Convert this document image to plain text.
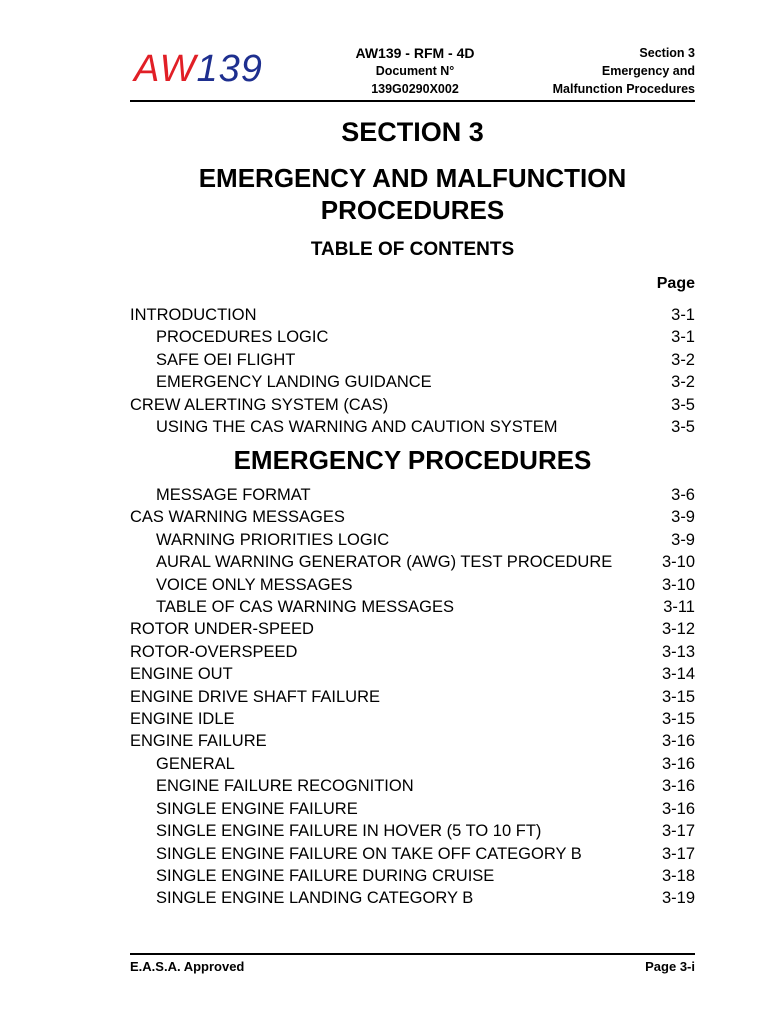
AW139	AW139 - RFM - 4D
Document N°
139G0290X002
Section 3
Emergency and
Malfunction Procedures
SECTION 3
EMERGENCY AND MALFUNCTION
PROCEDURES
TABLE OF CONTENTS
Page
INTRODUCTION	3-1
PROCEDURES LOGIC	3-1
SAFE OEI FLIGHT	3-2
EMERGENCY LANDING GUIDANCE	3-2
CREW ALERTING SYSTEM (CAS)	3-5
USING THE CAS WARNING AND CAUTION SYSTEM	3-5
EMERGENCY PROCEDURES
MESSAGE FORMAT	3-6
CAS WARNING MESSAGES	3-9
WARNING PRIORITIES LOGIC	3-9
AURAL WARNING GENERATOR (AWG) TEST PROCEDURE	3-10
VOICE ONLY MESSAGES	3-10
TABLE OF CAS WARNING MESSAGES	3-11
ROTOR UNDER-SPEED	3-12
ROTOR-OVERSPEED	3-13
ENGINE OUT	3-14
ENGINE DRIVE SHAFT FAILURE	3-15
ENGINE IDLE	3-15
ENGINE FAILURE	3-16
GENERAL	3-16
ENGINE FAILURE RECOGNITION	3-16
SINGLE ENGINE FAILURE	3-16
SINGLE ENGINE FAILURE IN HOVER (5 TO 10 FT)	3-17
SINGLE ENGINE FAILURE ON TAKE OFF CATEGORY B	3-17
SINGLE ENGINE FAILURE DURING CRUISE	3-18
SINGLE ENGINE LANDING CATEGORY B	3-19
E.A.S.A. Approved	Page 3-i
